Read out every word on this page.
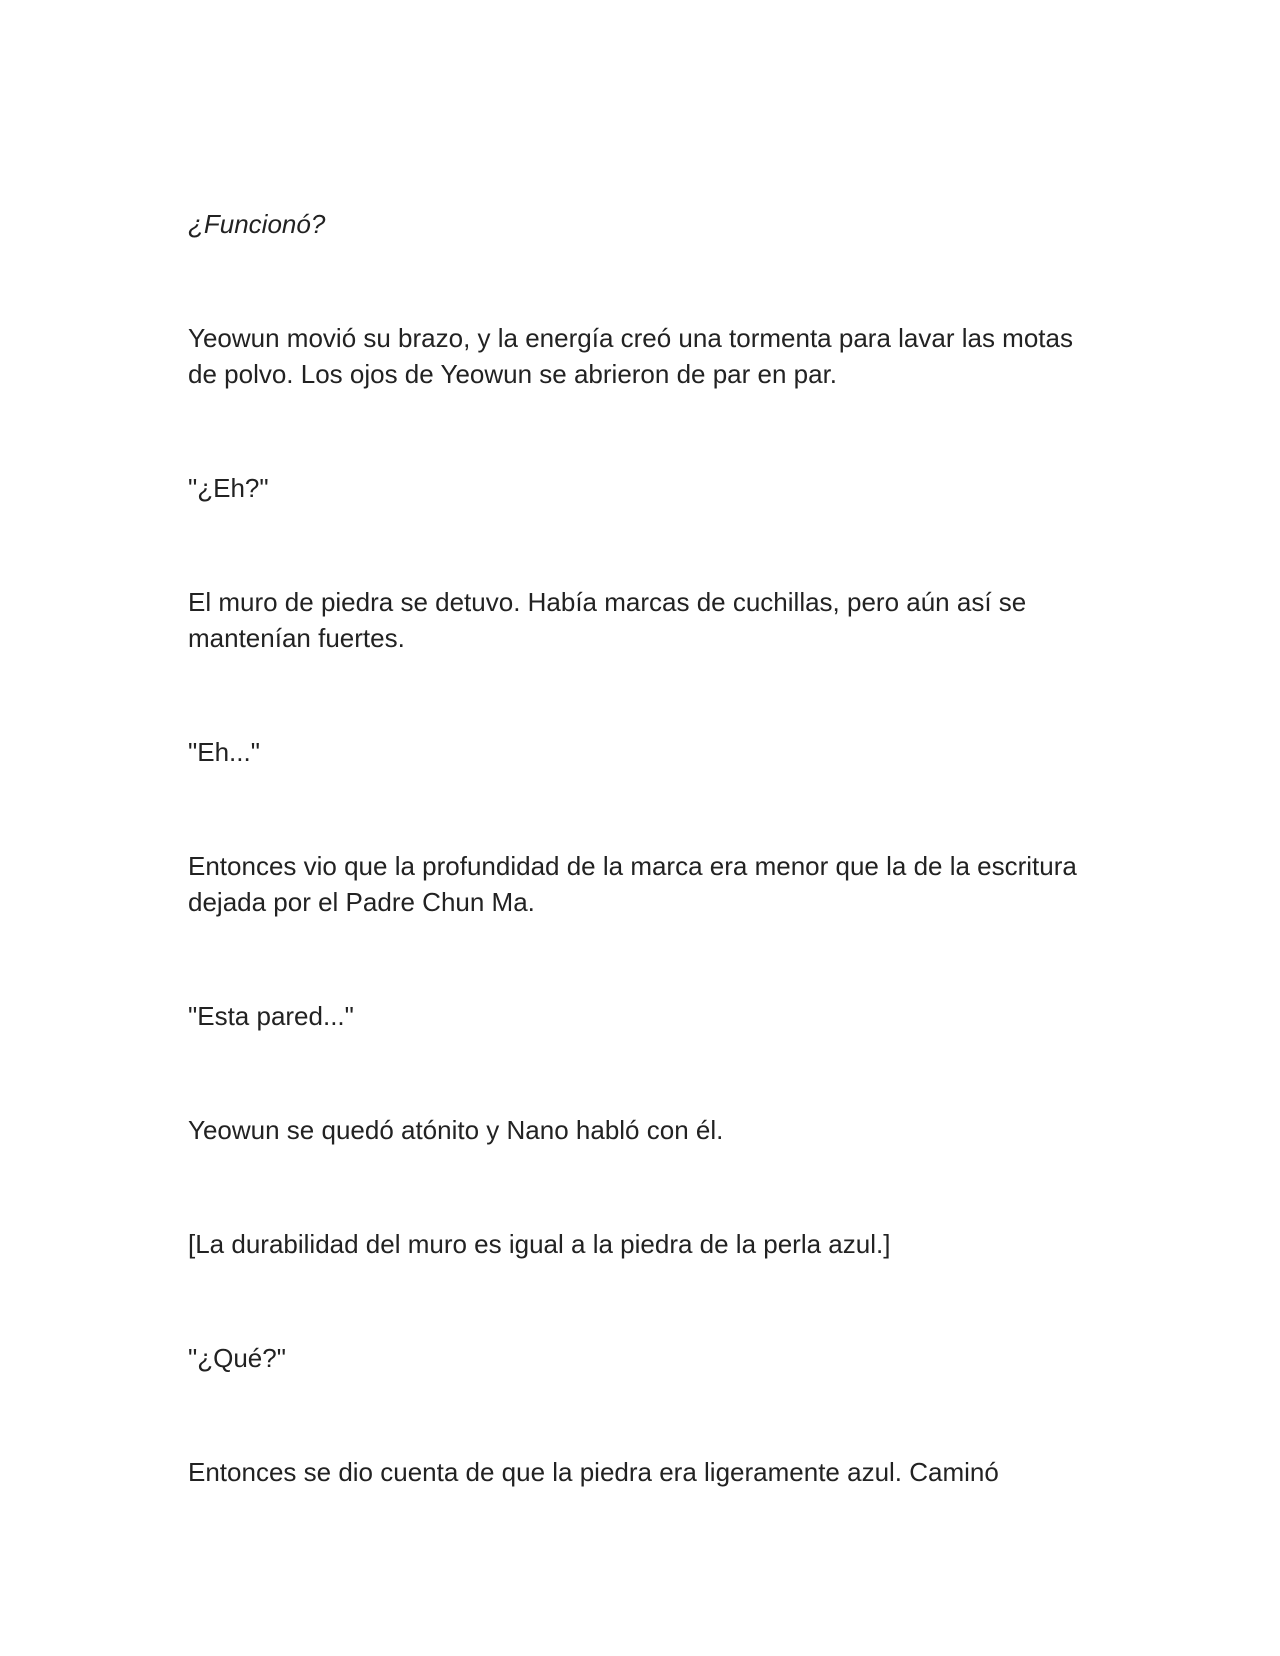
¿Funcionó?

Yeowun movió su brazo, y la energía creó una tormenta para lavar las motas de polvo. Los ojos de Yeowun se abrieron de par en par.

"¿Eh?"

El muro de piedra se detuvo. Había marcas de cuchillas, pero aún así se mantenían fuertes.

"Eh..."

Entonces vio que la profundidad de la marca era menor que la de la escritura dejada por el Padre Chun Ma.

"Esta pared..."

Yeowun se quedó atónito y Nano habló con él.

[La durabilidad del muro es igual a la piedra de la perla azul.]

"¿Qué?"

Entonces se dio cuenta de que la piedra era ligeramente azul. Caminó
